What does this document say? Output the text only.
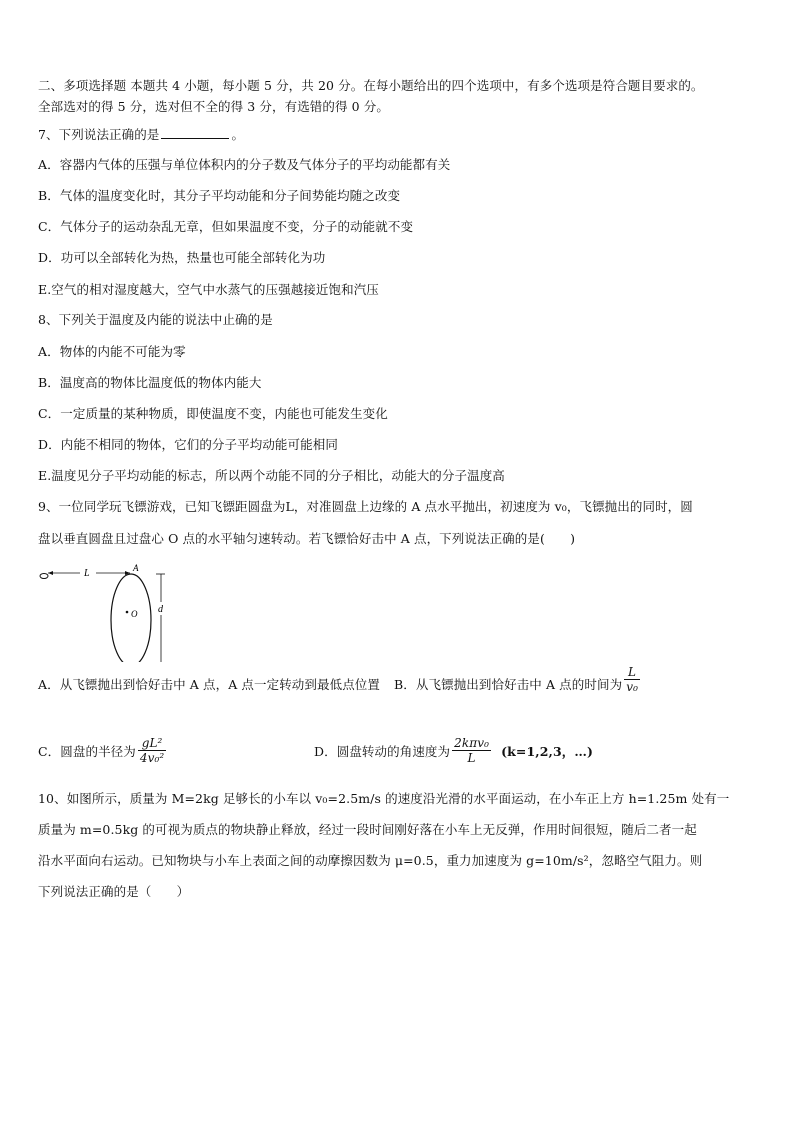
二、多项选择题 本题共 4 小题，每小题 5 分，共 20 分。在每小题给出的四个选项中，有多个选项是符合题目要求的。
全部选对的得 5 分，选对但不全的得 3 分，有选错的得 0 分。
7、下列说法正确的是	。
A．容器内气体的压强与单位体积内的分子数及气体分子的平均动能都有关
B．气体的温度变化时，其分子平均动能和分子间势能均随之改变
C．气体分子的运动杂乱无章，但如果温度不变，分子的动能就不变
D．功可以全部转化为热，热量也可能全部转化为功
E.空气的相对湿度越大，空气中水蒸气的压强越接近饱和汽压
8、下列关于温度及内能的说法中止确的是
A．物体的内能不可能为零
B．温度高的物体比温度低的物体内能大
C．一定质量的某种物质，即使温度不变，内能也可能发生变化
D．内能不相同的物体，它们的分子平均动能可能相同
E.温度见分子平均动能的标志，所以两个动能不同的分子相比，动能大的分子温度高
9、一位同学玩飞镖游戏，已知飞镖距圆盘为L，对准圆盘上边缘的 A 点水平抛出，初速度为 v₀，飞镖抛出的同时，圆
盘以垂直圆盘且过盘心 O 点的水平轴匀速转动。若飞镖恰好击中 A 点，下列说法正确的是(　　)
L	A
O d
A．从飞镖抛出到恰好击中 A 点，A 点一定转动到最低点位置 B．从飞镖抛出到恰好击中 A 点的时间为 $\frac{L}{\text{v₀}}$
C．圆盘的半径为 $\frac{\text{gL²}}{\text{4v₀²}}$	D．圆盘转动的角速度为 $\frac{\text{2kπv₀}}{L} (k=1,2,3$，…)
10、如图所示，质量为 M=2kg 足够长的小车以 v₀=2.5m/s 的速度沿光滑的水平面运动，在小车正上方 h=1.25m 处有一
质量为 m=0.5kg 的可视为质点的物块静止释放，经过一段时间刚好落在小车上无反弹，作用时间很短，随后二者一起
沿水平面向右运动。已知物块与小车上表面之间的动摩擦因数为 μ=0.5，重力加速度为 g=10m/s²，忽略空气阻力。则
下列说法正确的是（　　）
